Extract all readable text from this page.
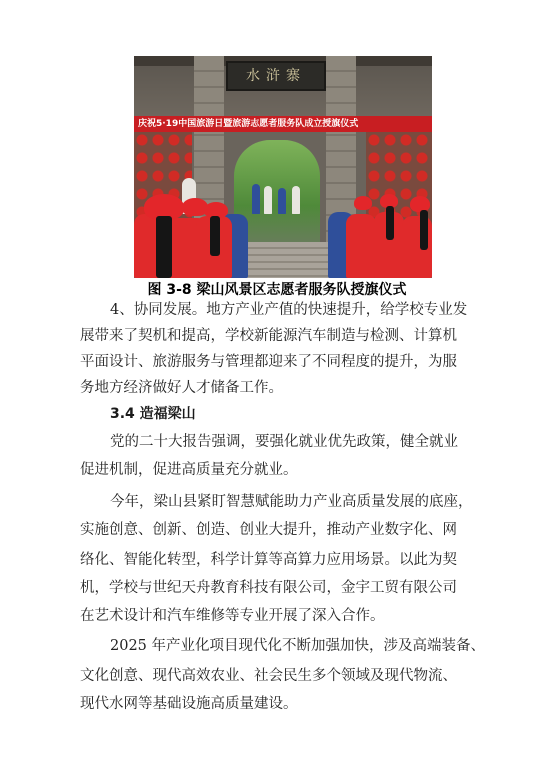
水浒寨
庆祝5·19中国旅游日暨旅游志愿者服务队成立授旗仪式
图 3-8 梁山风景区志愿者服务队授旗仪式
4、协同发展。地方产业产值的快速提升，给学校专业发
展带来了契机和提高，学校新能源汽车制造与检测、计算机
平面设计、旅游服务与管理都迎来了不同程度的提升，为服
务地方经济做好人才储备工作。
3.4 造福梁山
党的二十大报告强调，要强化就业优先政策，健全就业
促进机制，促进高质量充分就业。
今年，梁山县紧盯智慧赋能助力产业高质量发展的底座，
实施创意、创新、创造、创业大提升，推动产业数字化、网
络化、智能化转型，科学计算等高算力应用场景。以此为契
机，学校与世纪天舟教育科技有限公司，金宇工贸有限公司
在艺术设计和汽车维修等专业开展了深入合作。
2025 年产业化项目现代化不断加强加快，涉及高端装备、
文化创意、现代高效农业、社会民生多个领域及现代物流、
现代水网等基础设施高质量建设。
